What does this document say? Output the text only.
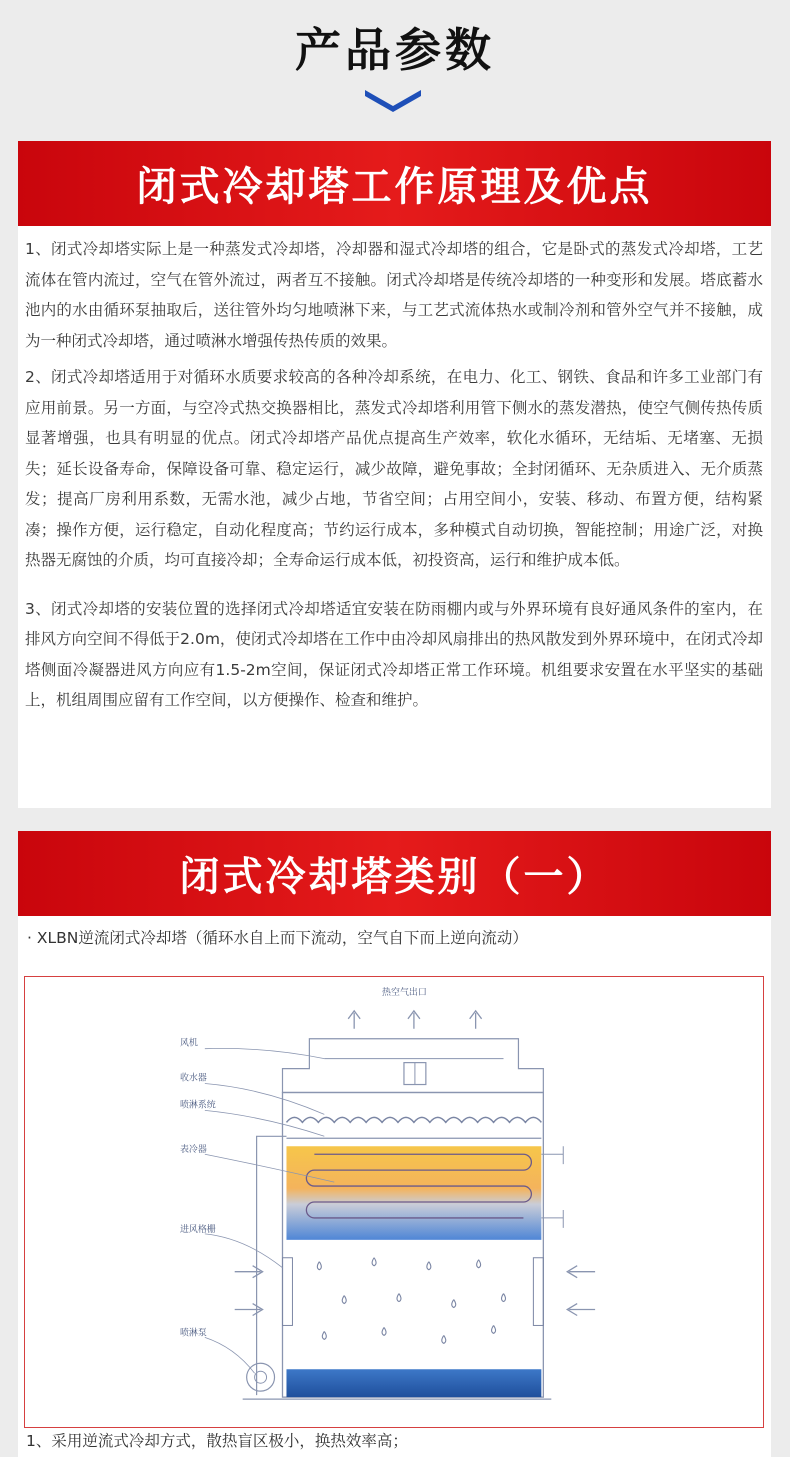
产品参数
闭式冷却塔工作原理及优点

1、闭式冷却塔实际上是一种蒸发式冷却塔，冷却器和湿式冷却塔的组合，它是卧式的蒸发式冷却塔，工艺流体在管内流过，空气在管外流过，两者互不接触。闭式冷却塔是传统冷却塔的一种变形和发展。塔底蓄水池内的水由循环泵抽取后，送往管外均匀地喷淋下来，与工艺式流体热水或制冷剂和管外空气并不接触，成为一种闭式冷却塔，通过喷淋水增强传热传质的效果。

2、闭式冷却塔适用于对循环水质要求较高的各种冷却系统，在电力、化工、钢铁、食品和许多工业部门有应用前景。另一方面，与空冷式热交换器相比，蒸发式冷却塔利用管下侧水的蒸发潜热，使空气侧传热传质显著增强，也具有明显的优点。闭式冷却塔产品优点提高生产效率，软化水循环，无结垢、无堵塞、无损失；延长设备寿命，保障设备可靠、稳定运行，减少故障，避免事故；全封闭循环、无杂质进入、无介质蒸发；提高厂房利用系数，无需水池，减少占地，节省空间；占用空间小，安装、移动、布置方便，结构紧凑；操作方便，运行稳定，自动化程度高；节约运行成本，多种模式自动切换，智能控制；用途广泛，对换热器无腐蚀的介质，均可直接冷却；全寿命运行成本低，初投资高，运行和维护成本低。

3、闭式冷却塔的安装位置的选择闭式冷却塔适宜安装在防雨棚内或与外界环境有良好通风条件的室内，在排风方向空间不得低于2.0m，使闭式冷却塔在工作中由冷却风扇排出的热风散发到外界环境中，在闭式冷却塔侧面冷凝器进风方向应有1.5-2m空间，保证闭式冷却塔正常工作环境。机组要求安置在水平坚实的基础上，机组周围应留有工作空间，以方便操作、检查和维护。

闭式冷却塔类别（一）
· XLBN逆流闭式冷却塔（循环水自上而下流动，空气自下而上逆向流动）
热空气出口
风机
收水器
喷淋系统
表冷器
进风格栅
喷淋泵
1、采用逆流式冷却方式，散热盲区极小，换热效率高；
